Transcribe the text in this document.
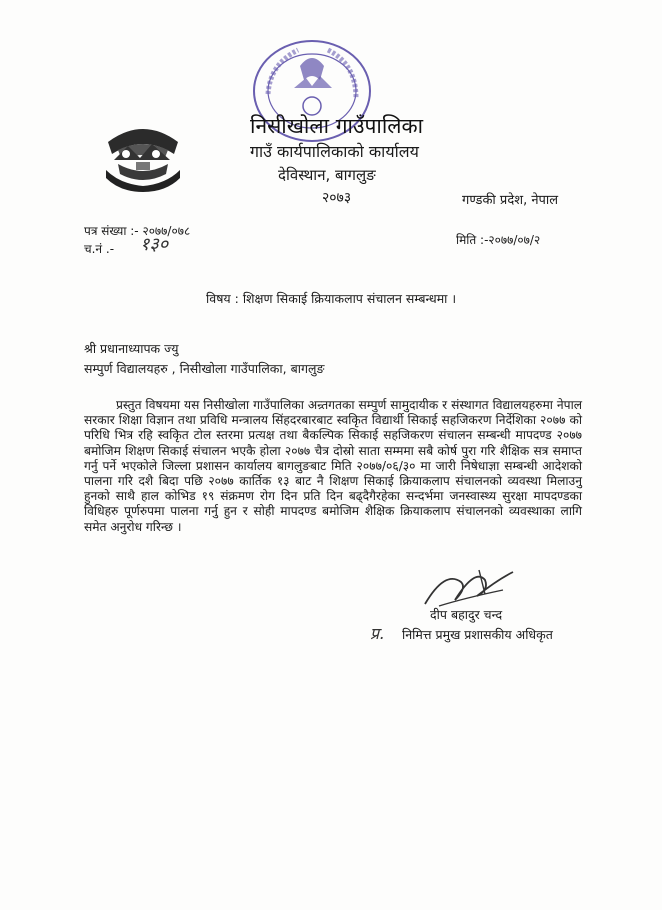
निसीखोला गाउँपालिका
गाउँ कार्यपालिकाको कार्यालय
देविस्थान, बागलुङ
२०७३	गण्डकी प्रदेश, नेपाल
पत्र संख्या :- २०७७/०७८
च.नं .- १३०	मिति :-२०७७/०७/२
विषय : शिक्षण सिकाई क्रियाकलाप संचालन सम्बन्धमा ।
श्री प्रधानाध्यापक ज्यु
सम्पुर्ण विद्यालयहरु , निसीखोला गाउँपालिका, बागलुङ

प्रस्तुत विषयमा यस निसीखोला गाउँपालिका अन्र्तगतका सम्पुर्ण सामुदायीक र संस्थागत विद्यालयहरुमा नेपाल सरकार शिक्षा विज्ञान तथा प्रविधि मन्त्रालय सिंहदरबारबाट स्वकिृत विद्यार्थी सिकाई सहजिकरण निर्देशिका २०७७ को परिधि भित्र रहि स्वकिृत टोल स्तरमा प्रत्यक्ष तथा बैकल्पिक सिकाई सहजिकरण संचालन सम्बन्धी मापदण्ड २०७७ बमोजिम शिक्षण सिकाई संचालन भएकै होला २०७७ चैत्र दोस्रो साता सम्ममा सबै कोर्ष पुरा गरि शैक्षिक सत्र समाप्त गर्नु पर्ने भएकोले जिल्ला प्रशासन कार्यालय बागलुङबाट मिति २०७७/०६/३० मा जारी निषेधाज्ञा सम्बन्धी आदेशको पालना गरि दशै बिदा पछि २०७७ कार्तिक १३ बाट नै शिक्षण सिकाई क्रियाकलाप संचालनको व्यवस्था मिलाउनु हुनको साथै हाल कोभिड १९ संक्रमण रोग दिन प्रति दिन बढ्दैगैरहेका सन्दर्भमा जनस्वास्थ्य सुरक्षा मापदण्डका विधिहरु पूर्णरुपमा पालना गर्नु हुन र सोही मापदण्ड बमोजिम शैक्षिक क्रियाकलाप संचालनको व्यवस्थाका लागि समेत अनुरोध गरिन्छ ।

दीप बहादुर चन्द
प्र. निमित्त प्रमुख प्रशासकीय अधिकृत
